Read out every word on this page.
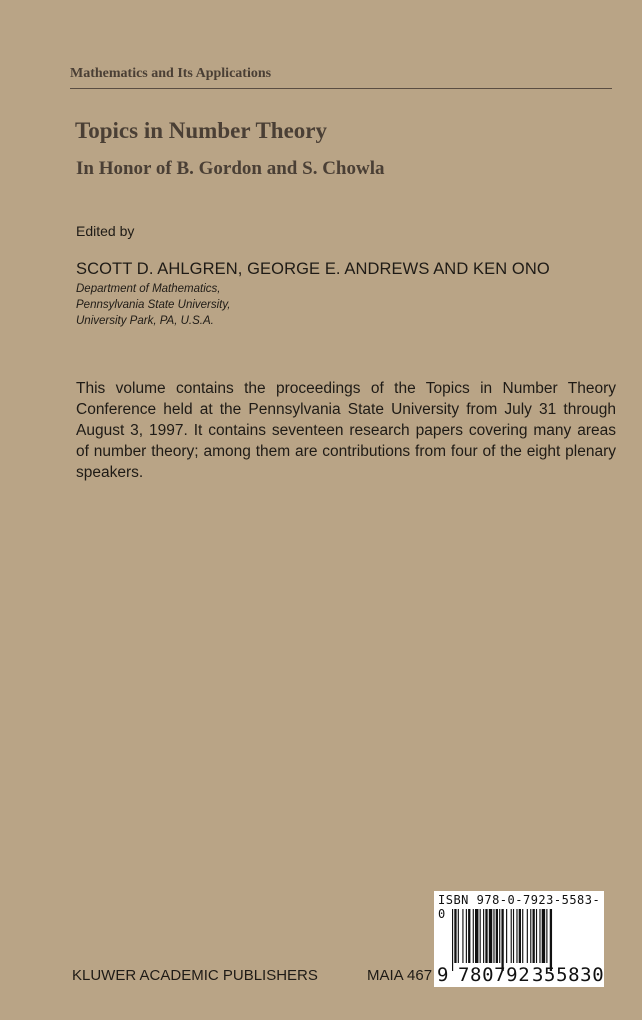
Mathematics and Its Applications
Topics in Number Theory
In Honor of B. Gordon and S. Chowla
Edited by
SCOTT D. AHLGREN, GEORGE E. ANDREWS AND KEN ONO
Department of Mathematics,
Pennsylvania State University,
University Park, PA, U.S.A.
This volume contains the proceedings of the Topics in Number Theory Conference held at the Pennsylvania State University from July 31 through August 3, 1997. It contains seventeen research papers covering many areas of number theory; among them are contributions from four of the eight plenary speakers.
KLUWER ACADEMIC PUBLISHERS	MAIA 467
ISBN 978-0-7923-5583-0
9 780792 355830
